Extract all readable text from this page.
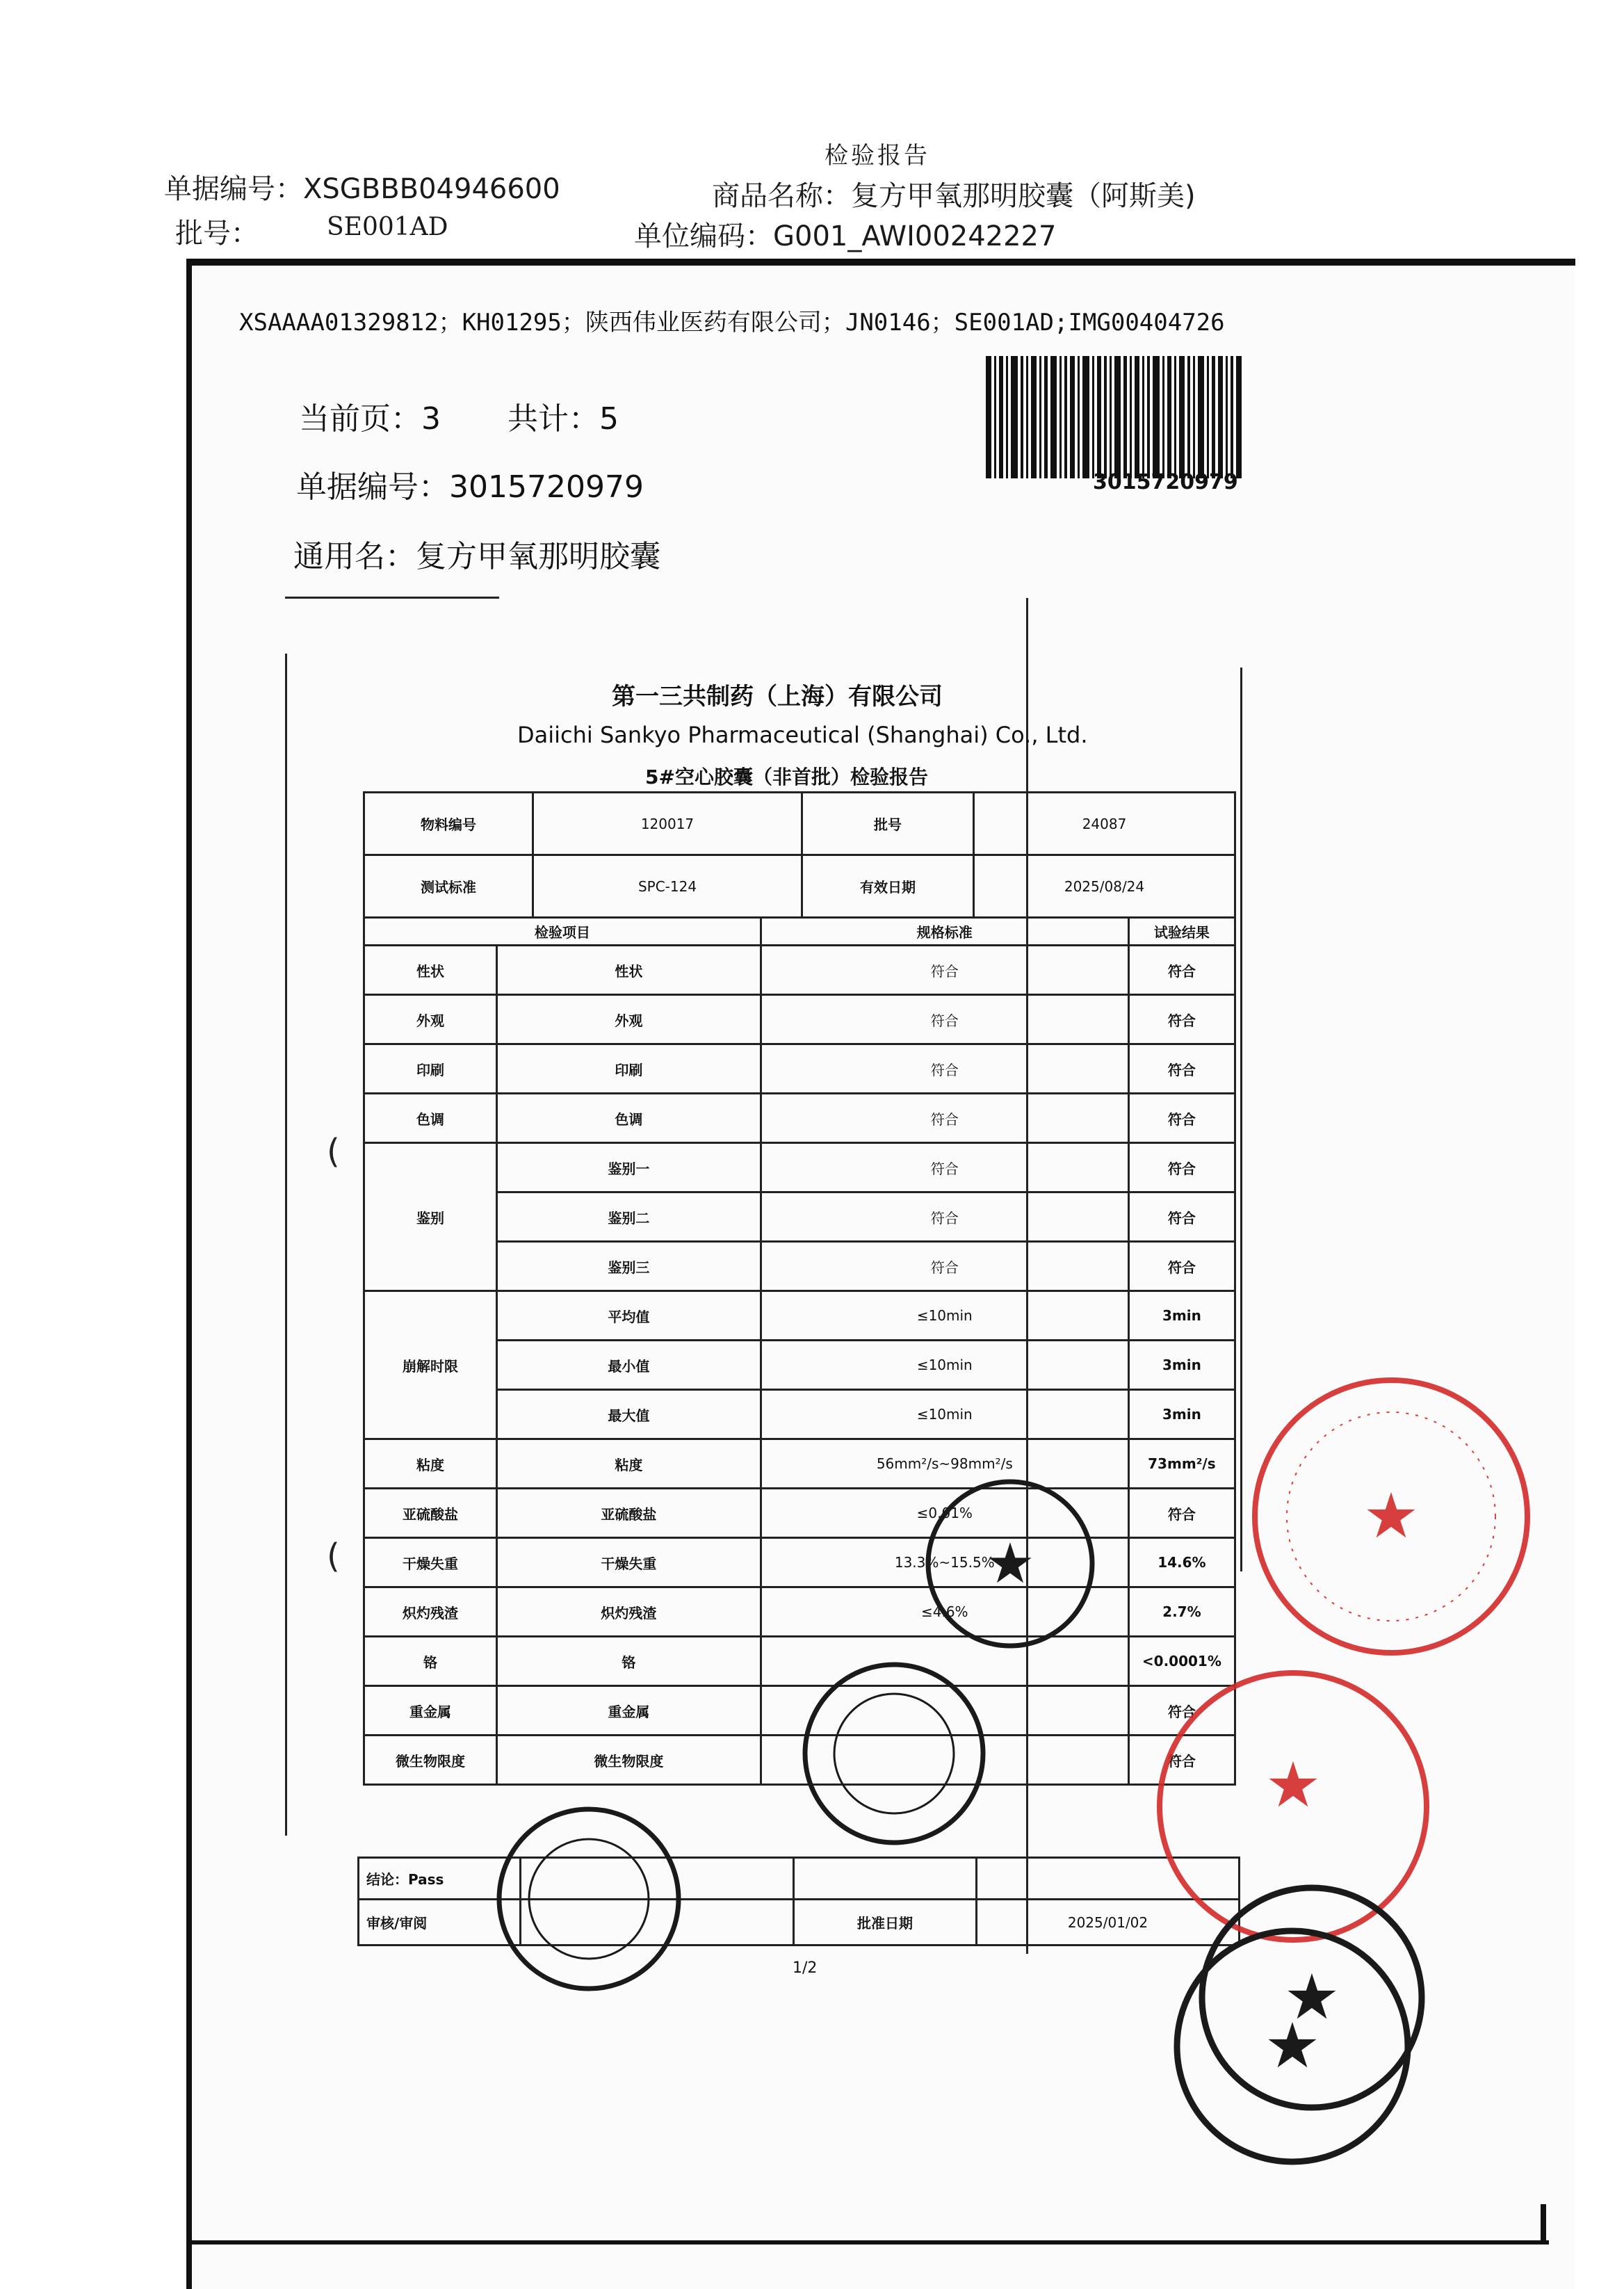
检验报告
单据编号：XSGBBB04946600	商品名称：复方甲氧那明胶囊（阿斯美)
批号：	SE001AD	单位编码：G001_AWI00242227
XSAAAA01329812；KH01295；陕西伟业医药有限公司；JN0146；SE001AD;IMG00404726
当前页：3 共计：5
单据编号：3015720979
通用名：复方甲氧那明胶囊
3015720979
(
(
第一三共制药（上海）有限公司
Daiichi Sankyo Pharmaceutical (Shanghai) Co., Ltd.
5#空心胶囊（非首批）检验报告
物料编号	120017	批号	24087
测试标准	SPC-124	有效日期	2025/08/24
检验项目		规格标准	试验结果
性状	性状	符合	符合
外观	外观	符合	符合
印刷	印刷	符合	符合
色调	色调	符合	符合
鉴别	鉴别一	符合	符合
	鉴别二	符合	符合
	鉴别三	符合	符合
崩解时限	平均值	≤10min	3min
	最小值	≤10min	3min
	最大值	≤10min	3min
粘度	粘度	56mm²/s~98mm²/s	73mm²/s
亚硫酸盐	亚硫酸盐	≤0.01%	符合
干燥失重	干燥失重	13.3%~15.5%	14.6%
炽灼残渣	炽灼残渣	≤4.6%	2.7%
铬	铬		<0.0001%
重金属	重金属		符合
微生物限度	微生物限度		符合
结论：Pass			
审核/审阅		批准日期	2025/01/02
1/2
★
★
★
★
★
